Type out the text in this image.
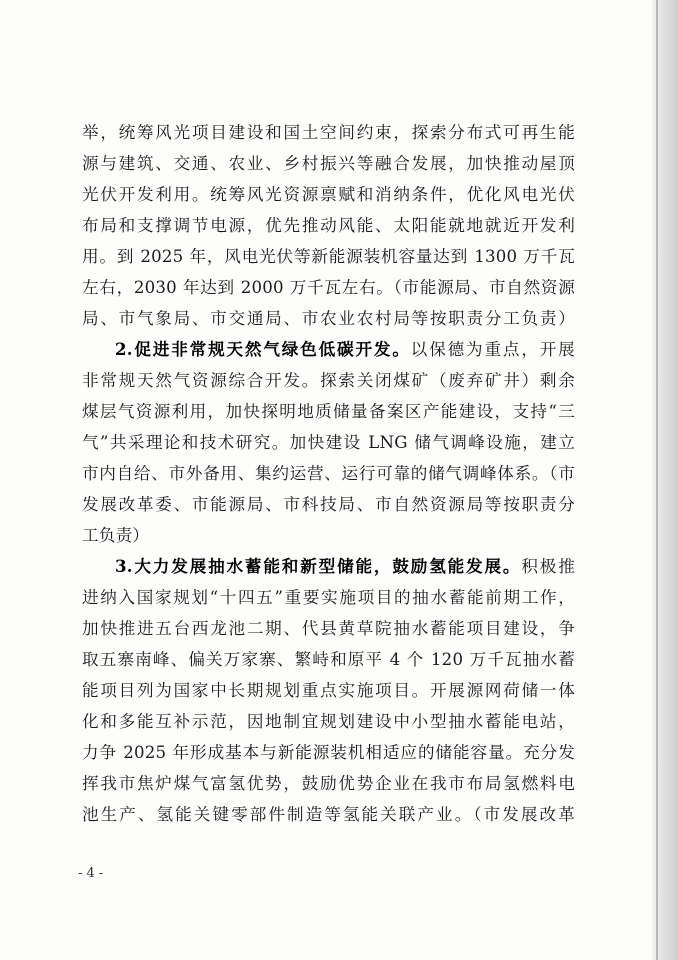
举，统筹风光项目建设和国土空间约束，探索分布式可再生能
源与建筑、交通、农业、乡村振兴等融合发展，加快推动屋顶
光伏开发利用。统筹风光资源禀赋和消纳条件，优化风电光伏
布局和支撑调节电源，优先推动风能、太阳能就地就近开发利
用。到 2025 年，风电光伏等新能源装机容量达到 1300 万千瓦
左右，2030 年达到 2000 万千瓦左右。（市能源局、市自然资源
局、市气象局、市交通局、市农业农村局等按职责分工负责）
2.促进非常规天然气绿色低碳开发。以保德为重点，开展
非常规天然气资源综合开发。探索关闭煤矿（废弃矿井）剩余
煤层气资源利用，加快探明地质储量备案区产能建设，支持“三
气”共采理论和技术研究。加快建设 LNG 储气调峰设施，建立
市内自给、市外备用、集约运营、运行可靠的储气调峰体系。（市
发展改革委、市能源局、市科技局、市自然资源局等按职责分
工负责）
3.大力发展抽水蓄能和新型储能，鼓励氢能发展。积极推
进纳入国家规划“十四五”重要实施项目的抽水蓄能前期工作，
加快推进五台西龙池二期、代县黄草院抽水蓄能项目建设，争
取五寨南峰、偏关万家寨、繁峙和原平 4 个 120 万千瓦抽水蓄
能项目列为国家中长期规划重点实施项目。开展源网荷储一体
化和多能互补示范，因地制宜规划建设中小型抽水蓄能电站，
力争 2025 年形成基本与新能源装机相适应的储能容量。充分发
挥我市焦炉煤气富氢优势，鼓励优势企业在我市布局氢燃料电
池生产、氢能关键零部件制造等氢能关联产业。（市发展改革
- 4 -
